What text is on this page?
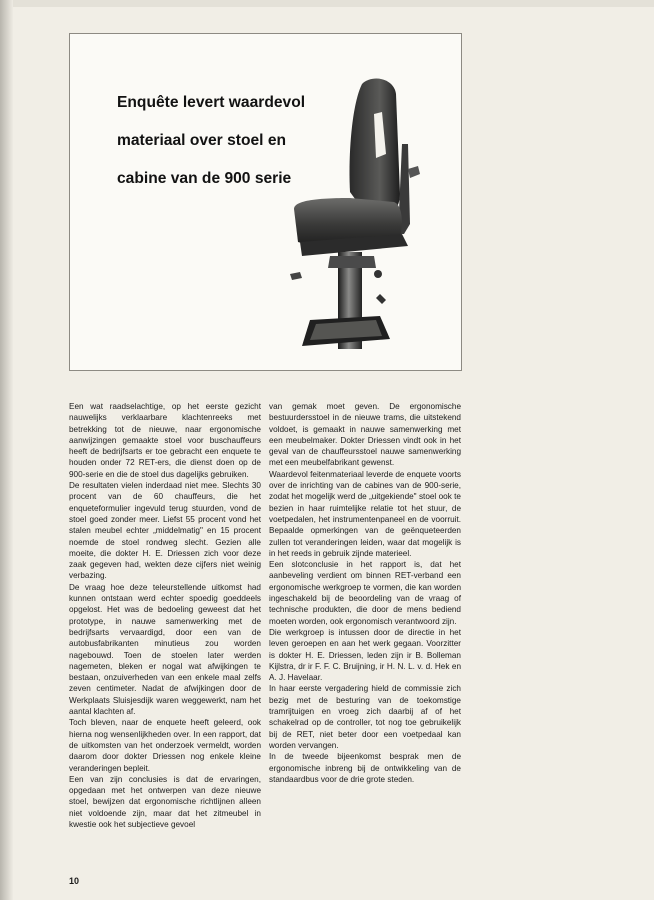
Enquête levert waardevol
materiaal over stoel en
cabine van de 900 serie

Een wat raadselachtige, op het eerste gezicht nauwelijks verklaarbare klachtenreeks met betrekking tot de nieuwe, naar ergonomische aanwijzingen gemaakte stoel voor buschauffeurs heeft de bedrijfsarts er toe gebracht een enquete te houden onder 72 RET-ers, die dienst doen op de 900-serie en die de stoel dus dagelijks gebruiken.

De resultaten vielen inderdaad niet mee. Slechts 30 procent van de 60 chauffeurs, die het enqueteformulier ingevuld terug stuurden, vond de stoel goed zonder meer. Liefst 55 procent vond het stalen meubel echter „middelmatig" en 15 procent noemde de stoel rondweg slecht. Gezien alle moeite, die dokter H. E. Driessen zich voor deze zaak gegeven had, wekten deze cijfers niet weinig verbazing.

De vraag hoe deze teleurstellende uitkomst had kunnen ontstaan werd echter spoedig goeddeels opgelost. Het was de bedoeling geweest dat het prototype, in nauwe samenwerking met de bedrijfsarts vervaardigd, door een van de autobusfabrikanten minutieus zou worden nagebouwd. Toen de stoelen later werden nagemeten, bleken er nogal wat afwijkingen te bestaan, onzuiverheden van een enkele maal zelfs zeven centimeter. Nadat de afwijkingen door de Werkplaats Sluisjesdijk waren weggewerkt, nam het aantal klachten af.

Toch bleven, naar de enquete heeft geleerd, ook hierna nog wensenlijkheden over. In een rapport, dat de uitkomsten van het onderzoek vermeldt, worden daarom door dokter Driessen nog enkele kleine veranderingen bepleit.

Een van zijn conclusies is dat de ervaringen, opgedaan met het ontwerpen van deze nieuwe stoel, bewijzen dat ergonomische richtlijnen alleen niet voldoende zijn, maar dat het zitmeubel in kwestie ook het subjectieve gevoel

van gemak moet geven. De ergonomische bestuurdersstoel in de nieuwe trams, die uitstekend voldoet, is gemaakt in nauwe samenwerking met een meubelmaker. Dokter Driessen vindt ook in het geval van de chauffeursstoel nauwe samenwerking met een meubelfabrikant gewenst.

Waardevol feitenmateriaal leverde de enquete voorts over de inrichting van de cabines van de 900-serie, zodat het mogelijk werd de „uitgekiende" stoel ook te bezien in haar ruimtelijke relatie tot het stuur, de voetpedalen, het instrumentenpaneel en de voorruit. Bepaalde opmerkingen van de geënqueteerden zullen tot veranderingen leiden, waar dat mogelijk is in het reeds in gebruik zijnde materieel.

Een slotconclusie in het rapport is, dat het aanbeveling verdient om binnen RET-verband een ergonomische werkgroep te vormen, die kan worden ingeschakeld bij de beoordeling van de vraag of technische produkten, die door de mens bediend moeten worden, ook ergonomisch verantwoord zijn.

Die werkgroep is intussen door de directie in het leven geroepen en aan het werk gegaan. Voorzitter is dokter H. E. Driessen, leden zijn ir B. Bolleman Kijlstra, dr ir F. F. C. Bruijning, ir H. N. L. v. d. Hek en A. J. Havelaar.

In haar eerste vergadering hield de commissie zich bezig met de besturing van de toekomstige tramrijtuigen en vroeg zich daarbij af of het schakelrad op de controller, tot nog toe gebruikelijk bij de RET, niet beter door een voetpedaal kan worden vervangen.

In de tweede bijeenkomst besprak men de ergonomische inbreng bij de ontwikkeling van de standaardbus voor de drie grote steden.

10
